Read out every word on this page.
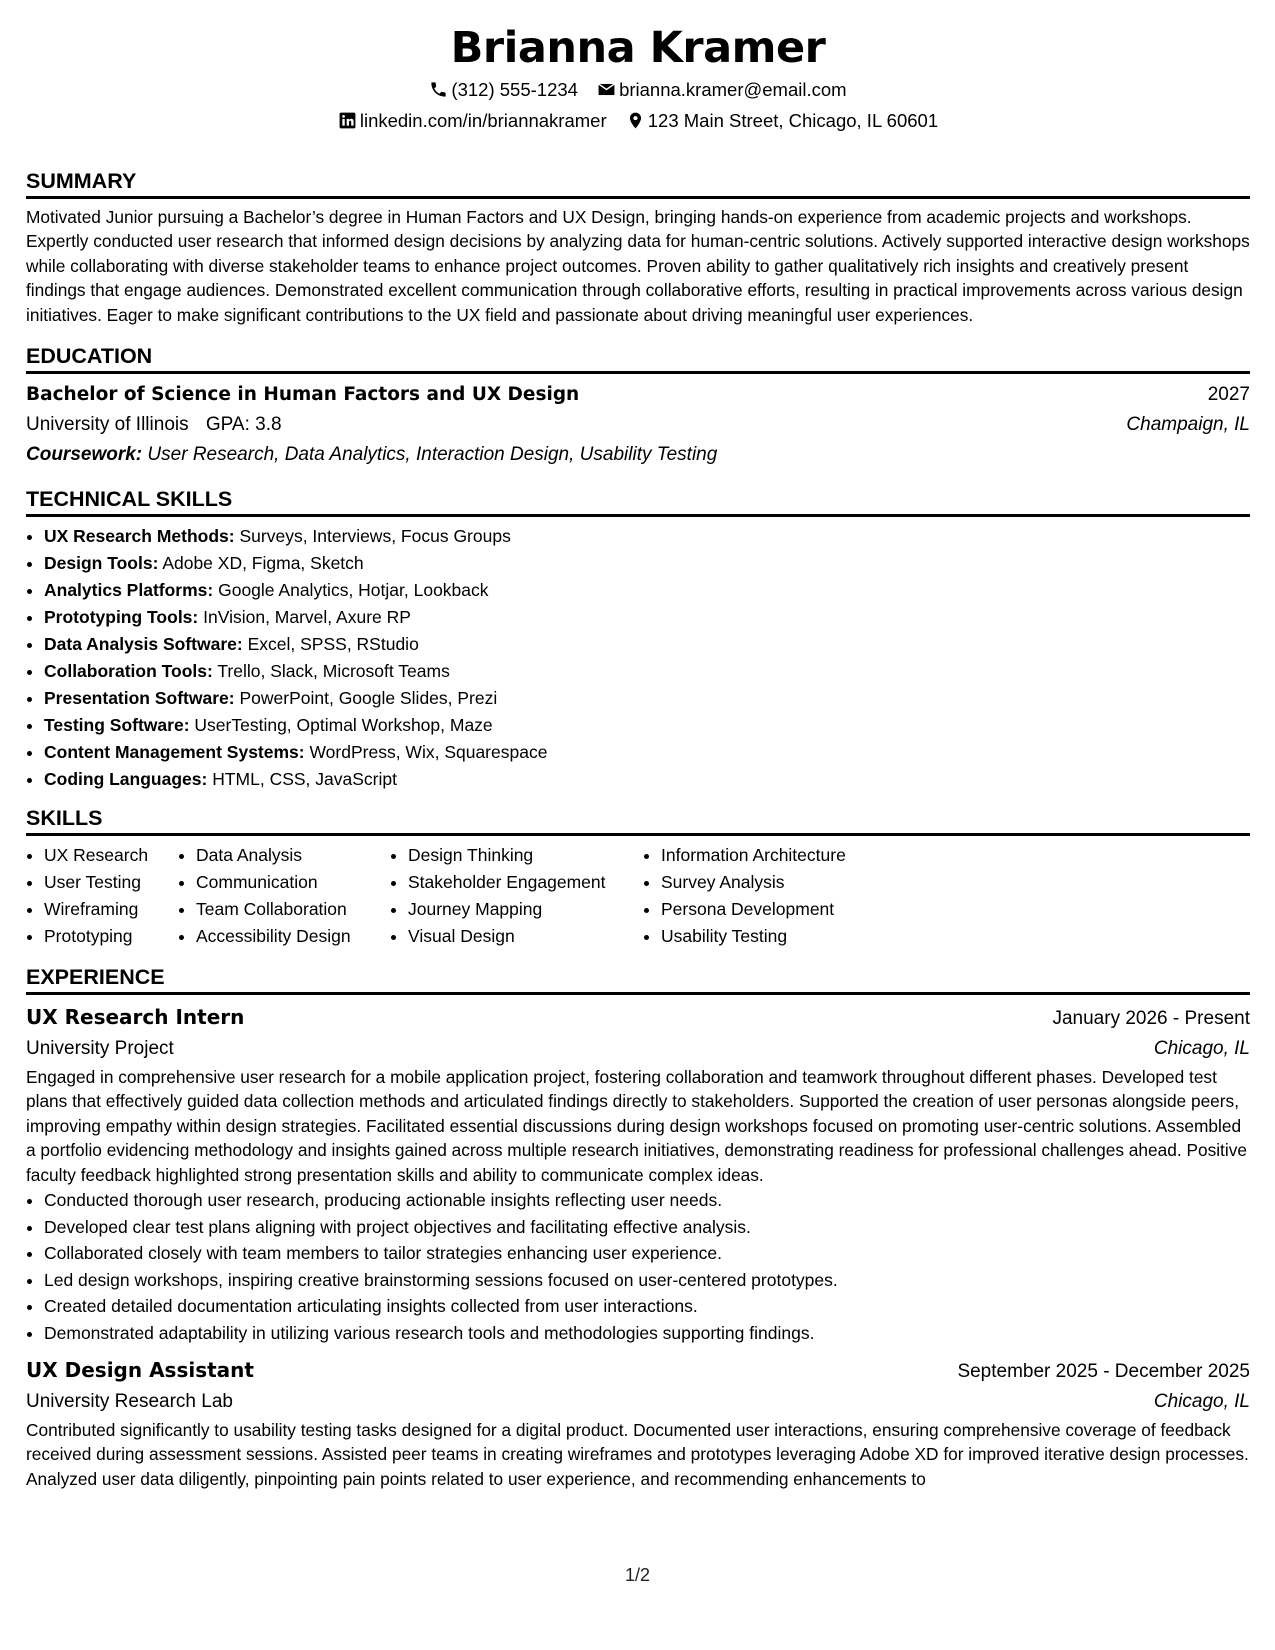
Brianna Kramer
(312) 555-1234
brianna.kramer@email.com
linkedin.com/in/briannakramer
123 Main Street, Chicago, IL 60601
SUMMARY

Motivated Junior pursuing a Bachelor’s degree in Human Factors and UX Design, bringing hands-on experience from academic projects and workshops. Expertly conducted user research that informed design decisions by analyzing data for human-centric solutions. Actively supported interactive design workshops while collaborating with diverse stakeholder teams to enhance project outcomes. Proven ability to gather qualitatively rich insights and creatively present findings that engage audiences. Demonstrated excellent communication through collaborative efforts, resulting in practical improvements across various design initiatives. Eager to make significant contributions to the UX field and passionate about driving meaningful user experiences.

EDUCATION
Bachelor of Science in Human Factors and UX Design	2027
University of Illinois GPA: 3.8	Champaign, IL
Coursework: User Research, Data Analytics, Interaction Design, Usability Testing
TECHNICAL SKILLS
• UX Research Methods: Surveys, Interviews, Focus Groups
• Design Tools: Adobe XD, Figma, Sketch
• Analytics Platforms: Google Analytics, Hotjar, Lookback
• Prototyping Tools: InVision, Marvel, Axure RP
• Data Analysis Software: Excel, SPSS, RStudio
• Collaboration Tools: Trello, Slack, Microsoft Teams
• Presentation Software: PowerPoint, Google Slides, Prezi
• Testing Software: UserTesting, Optimal Workshop, Maze
• Content Management Systems: WordPress, Wix, Squarespace
• Coding Languages: HTML, CSS, JavaScript
SKILLS
• UX Research
• User Testing
• Wireframing
• Prototyping
• Data Analysis
• Communication
• Team Collaboration
• Accessibility Design
• Design Thinking
• Stakeholder Engagement
• Journey Mapping
• Visual Design
• Information Architecture
• Survey Analysis
• Persona Development
• Usability Testing
EXPERIENCE
UX Research Intern	January 2026 - Present
University Project	Chicago, IL

Engaged in comprehensive user research for a mobile application project, fostering collaboration and teamwork throughout different phases. Developed test plans that effectively guided data collection methods and articulated findings directly to stakeholders. Supported the creation of user personas alongside peers, improving empathy within design strategies. Facilitated essential discussions during design workshops focused on promoting user-centric solutions. Assembled a portfolio evidencing methodology and insights gained across multiple research initiatives, demonstrating readiness for professional challenges ahead. Positive faculty feedback highlighted strong presentation skills and ability to communicate complex ideas.

• Conducted thorough user research, producing actionable insights reflecting user needs.
• Developed clear test plans aligning with project objectives and facilitating effective analysis.
• Collaborated closely with team members to tailor strategies enhancing user experience.
• Led design workshops, inspiring creative brainstorming sessions focused on user-centered prototypes.
• Created detailed documentation articulating insights collected from user interactions.
• Demonstrated adaptability in utilizing various research tools and methodologies supporting findings.
UX Design Assistant	September 2025 - December 2025
University Research Lab	Chicago, IL

Contributed significantly to usability testing tasks designed for a digital product. Documented user interactions, ensuring comprehensive coverage of feedback received during assessment sessions. Assisted peer teams in creating wireframes and prototypes leveraging Adobe XD for improved iterative design processes. Analyzed user data diligently, pinpointing pain points related to user experience, and recommending enhancements to

1/2
